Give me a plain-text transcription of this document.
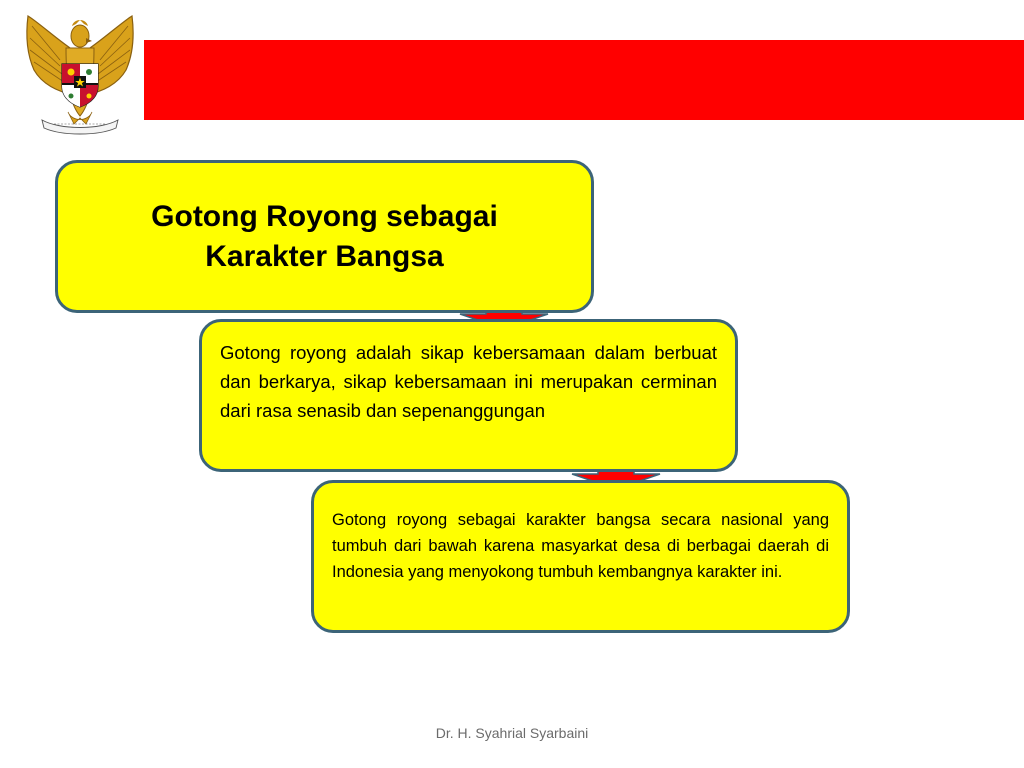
Gotong Royong sebagai Karakter Bangsa
Gotong royong adalah sikap kebersamaan dalam berbuat dan berkarya, sikap kebersamaan ini merupakan cerminan dari rasa senasib dan sepenanggungan
Gotong royong sebagai karakter bangsa secara nasional yang tumbuh dari bawah karena masyarkat desa di berbagai daerah di Indonesia yang menyokong tumbuh kembangnya karakter ini.
Dr. H. Syahrial Syarbaini
